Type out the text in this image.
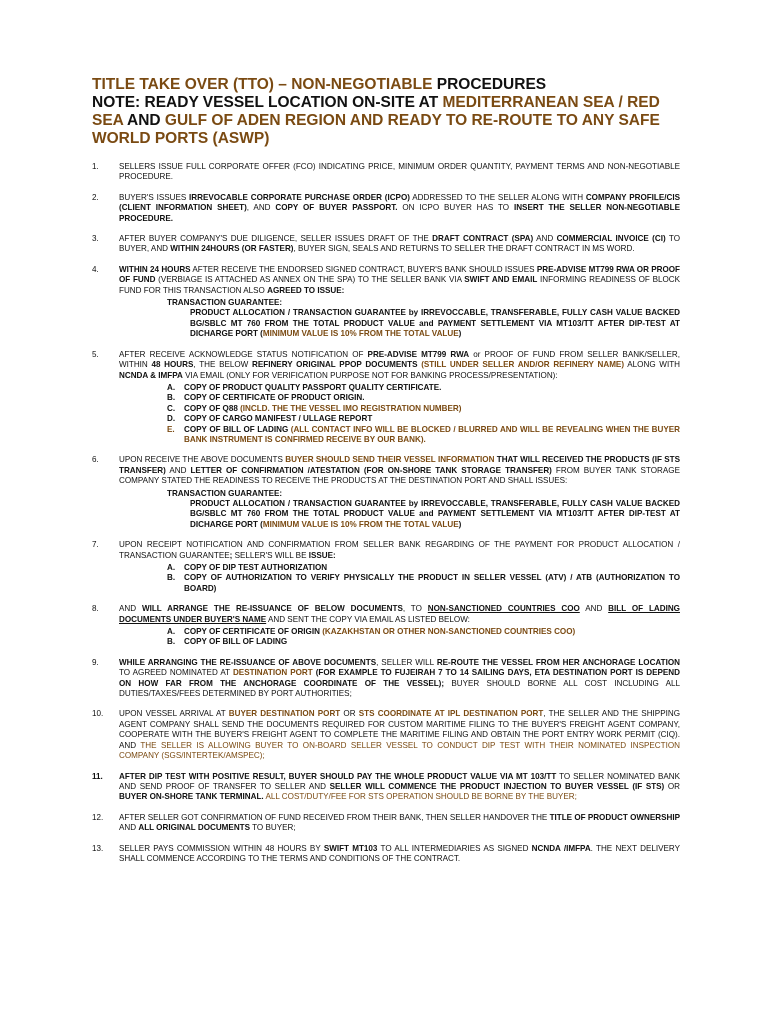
TITLE TAKE OVER (TTO) – NON-NEGOTIABLE PROCEDURES

NOTE: READY VESSEL LOCATION ON-SITE AT MEDITERRANEAN SEA / RED SEA AND GULF OF ADEN REGION AND READY TO RE-ROUTE TO ANY SAFE WORLD PORTS (ASWP)

1.	SELLERS ISSUE FULL CORPORATE OFFER (FCO) INDICATING PRICE, MINIMUM ORDER QUANTITY, PAYMENT TERMS AND NON-NEGOTIABLE PROCEDURE.
2.	BUYER'S ISSUES IRREVOCABLE CORPORATE PURCHASE ORDER (ICPO) ADDRESSED TO THE SELLER ALONG WITH COMPANY PROFILE/CIS (CLIENT INFORMATION SHEET), AND COPY OF BUYER PASSPORT. ON ICPO BUYER HAS TO INSERT THE SELLER NON-NEGOTIABLE PROCEDURE.
3.	AFTER BUYER COMPANY'S DUE DILIGENCE, SELLER ISSUES DRAFT OF THE DRAFT CONTRACT (SPA) AND COMMERCIAL INVOICE (CI) TO BUYER, AND WITHIN 24HOURS (OR FASTER), BUYER SIGN, SEALS AND RETURNS TO SELLER THE DRAFT CONTRACT IN MS WORD.
4.	WITHIN 24 HOURS AFTER RECEIVE THE ENDORSED SIGNED CONTRACT, BUYER'S BANK SHOULD ISSUES PRE-ADVISE MT799 RWA OR PROOF OF FUND (VERBIAGE IS ATTACHED AS ANNEX ON THE SPA) TO THE SELLER BANK VIA SWIFT AND EMAIL INFORMING READINESS OF BLOCK FUND FOR THIS TRANSACTION ALSO AGREED TO ISSUE:
TRANSACTION GUARANTEE:
PRODUCT ALLOCATION / TRANSACTION GUARANTEE by IRREVOCCABLE, TRANSFERABLE, FULLY CASH VALUE BACKED BG/SBLC MT 760 FROM THE TOTAL PRODUCT VALUE and PAYMENT SETTLEMENT VIA MT103/TT AFTER DIP-TEST AT DICHARGE PORT (MINIMUM VALUE IS 10% FROM THE TOTAL VALUE)
5.	AFTER RECEIVE ACKNOWLEDGE STATUS NOTIFICATION OF PRE-ADVISE MT799 RWA or PROOF OF FUND FROM SELLER BANK/SELLER, WITHIN 48 HOURS, THE BELOW REFINERY ORIGINAL PPOP DOCUMENTS (STILL UNDER SELLER AND/OR REFINERY NAME) ALONG WITH NCNDA & IMFPA VIA EMAIL (ONLY FOR VERIFICATION PURPOSE NOT FOR BANKING PROCESS/PRESENTATION):
A. COPY OF PRODUCT QUALITY PASSPORT QUALITY CERTIFICATE.
B. COPY OF CERTIFICATE OF PRODUCT ORIGIN.
C. COPY OF Q88 (INCLD. THE THE VESSEL IMO REGISTRATION NUMBER)
D. COPY OF CARGO MANIFEST / ULLAGE REPORT
E. COPY OF BILL OF LADING (ALL CONTACT INFO WILL BE BLOCKED / BLURRED AND WILL BE REVEALING WHEN THE BUYER BANK INSTRUMENT IS CONFIRMED RECEIVE BY OUR BANK).
6.	UPON RECEIVE THE ABOVE DOCUMENTS BUYER SHOULD SEND THEIR VESSEL INFORMATION THAT WILL RECEIVED THE PRODUCTS (IF STS TRANSFER) AND LETTER OF CONFIRMATION /ATESTATION (FOR ON-SHORE TANK STORAGE TRANSFER) FROM BUYER TANK STORAGE COMPANY STATED THE READINESS TO RECEIVE THE PRODUCTS AT THE DESTINATION PORT AND SHALL ISSUES:
TRANSACTION GUARANTEE:
PRODUCT ALLOCATION / TRANSACTION GUARANTEE by IRREVOCCABLE, TRANSFERABLE, FULLY CASH VALUE BACKED BG/SBLC MT 760 FROM THE TOTAL PRODUCT VALUE and PAYMENT SETTLEMENT VIA MT103/TT AFTER DIP-TEST AT DICHARGE PORT (MINIMUM VALUE IS 10% FROM THE TOTAL VALUE)
7.	UPON RECEIPT NOTIFICATION AND CONFIRMATION FROM SELLER BANK REGARDING OF THE PAYMENT FOR PRODUCT ALLOCATION / TRANSACTION GUARANTEE; SELLER'S WILL BE ISSUE:
A. COPY OF DIP TEST AUTHORIZATION
B. COPY OF AUTHORIZATION TO VERIFY PHYSICALLY THE PRODUCT IN SELLER VESSEL (ATV) / ATB (AUTHORIZATION TO BOARD)
8.	AND WILL ARRANGE THE RE-ISSUANCE OF BELOW DOCUMENTS, TO NON-SANCTIONED COUNTRIES COO AND BILL OF LADING DOCUMENTS UNDER BUYER'S NAME AND SENT THE COPY VIA EMAIL AS LISTED BELOW:
A. COPY OF CERTIFICATE OF ORIGIN (KAZAKHSTAN OR OTHER NON-SANCTIONED COUNTRIES COO)
B. COPY OF BILL OF LADING
9.	WHILE ARRANGING THE RE-ISSUANCE OF ABOVE DOCUMENTS, SELLER WILL RE-ROUTE THE VESSEL FROM HER ANCHORAGE LOCATION TO AGREED NOMINATED AT DESTINATION PORT (FOR EXAMPLE TO FUJEIRAH 7 TO 14 SAILING DAYS, ETA DESTINATION PORT IS DEPEND ON HOW FAR FROM THE ANCHORAGE COORDINATE OF THE VESSEL); BUYER SHOULD BORNE ALL COST INCLUDING ALL DUTIES/TAXES/FEES DETERMINED BY PORT AUTHORITIES;
10.	UPON VESSEL ARRIVAL AT BUYER DESTINATION PORT OR STS COORDINATE AT IPL DESTINATION PORT, THE SELLER AND THE SHIPPING AGENT COMPANY SHALL SEND THE DOCUMENTS REQUIRED FOR CUSTOM MARITIME FILING TO THE BUYER'S FREIGHT AGENT COMPANY, COOPERATE WITH THE BUYER'S FREIGHT AGENT TO COMPLETE THE MARITIME FILING AND OBTAIN THE PORT ENTRY WORK PERMIT (CIQ). AND THE SELLER IS ALLOWING BUYER TO ON-BOARD SELLER VESSEL TO CONDUCT DIP TEST WITH THEIR NOMINATED INSPECTION COMPANY (SGS/INTERTEK/AMSPEC);
11.	AFTER DIP TEST WITH POSITIVE RESULT, BUYER SHOULD PAY THE WHOLE PRODUCT VALUE VIA MT 103/TT TO SELLER NOMINATED BANK AND SEND PROOF OF TRANSFER TO SELLER AND SELLER WILL COMMENCE THE PRODUCT INJECTION TO BUYER VESSEL (IF STS) OR BUYER ON-SHORE TANK TERMINAL. ALL COST/DUTY/FEE FOR STS OPERATION SHOULD BE BORNE BY THE BUYER;
12.	AFTER SELLER GOT CONFIRMATION OF FUND RECEIVED FROM THEIR BANK, THEN SELLER HANDOVER THE TITLE OF PRODUCT OWNERSHIP AND ALL ORIGINAL DOCUMENTS TO BUYER;
13.	SELLER PAYS COMMISSION WITHIN 48 HOURS BY SWIFT MT103 TO ALL INTERMEDIARIES AS SIGNED NCNDA /IMFPA. THE NEXT DELIVERY SHALL COMMENCE ACCORDING TO THE TERMS AND CONDITIONS OF THE CONTRACT.
